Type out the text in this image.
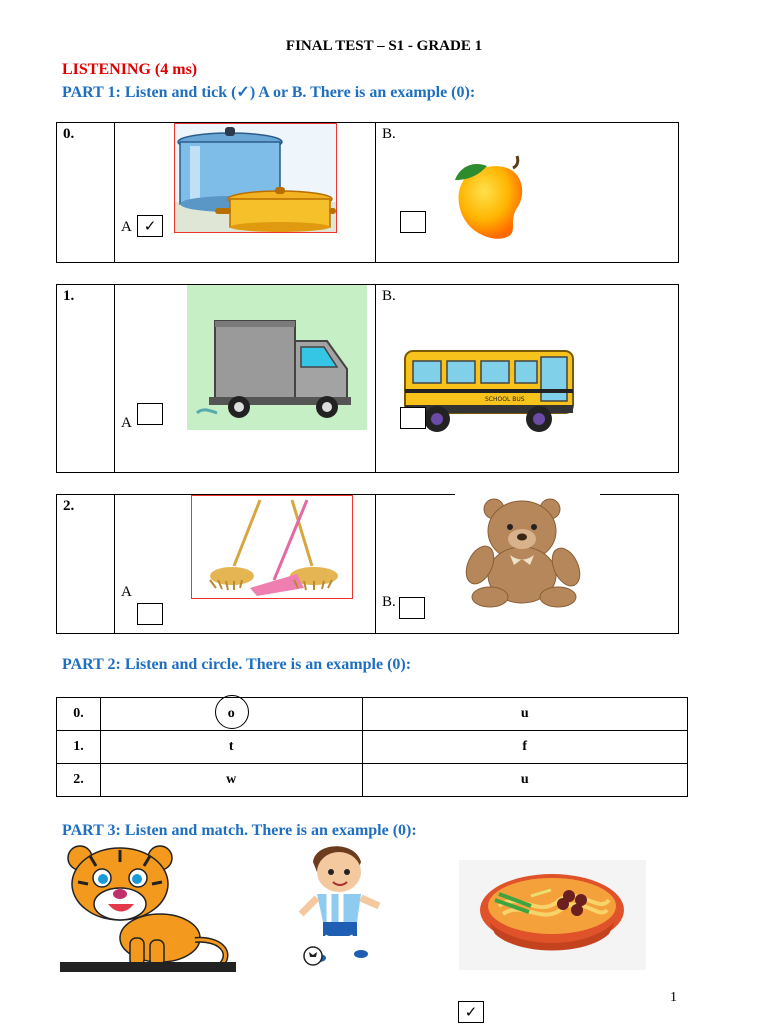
FINAL TEST – S1 - GRADE 1
LISTENING (4 ms)
PART 1: Listen and tick (✓) A or B. There is an example (0):
0.
A ✓
B.
1.
A
B.
SCHOOL BUS
2.
A
B.
PART 2: Listen and circle. There is an example (0):
0.	o	u
1.	t	f
2.	w	u
PART 3: Listen and match. There is an example (0):
✓
1
